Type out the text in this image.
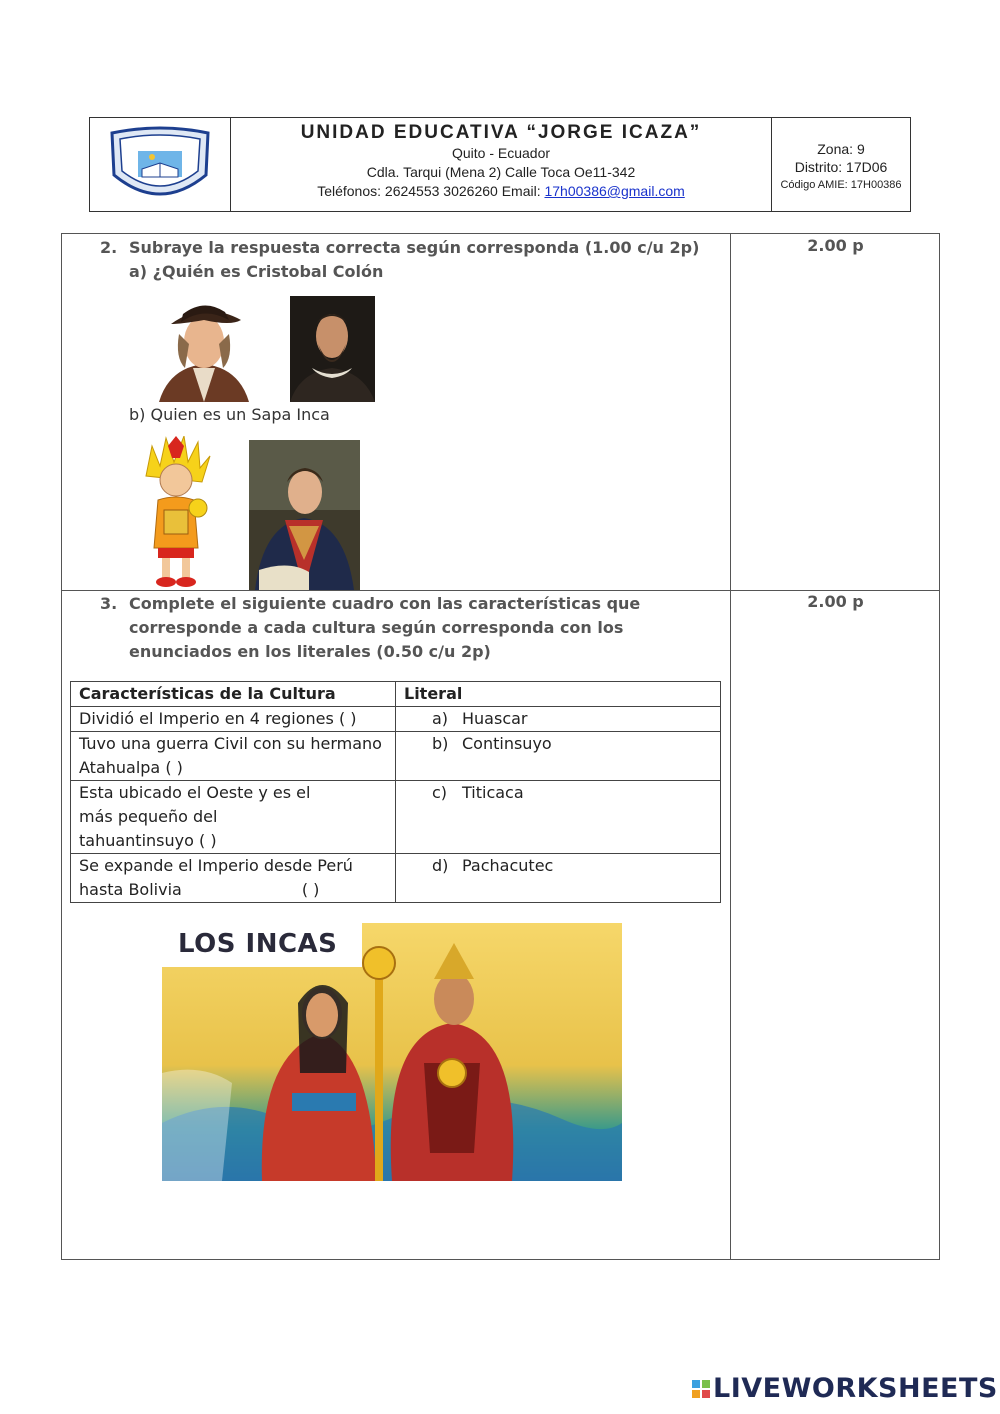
UNIDAD EDUCATIVA “JORGE ICAZA”
Quito - Ecuador
Cdla. Tarqui (Mena 2) Calle Toca Oe11-342
Teléfonos: 2624553 3026260 Email: 17h00386@gmail.com
Zona: 9
Distrito: 17D06
Código AMIE: 17H00386
2. Subraye la respuesta correcta según corresponda (1.00 c/u 2p)	2.00 p
a) ¿Quién es Cristobal Colón
b) Quien es un Sapa Inca
3. Complete el siguiente cuadro con las características que corresponde a cada cultura según corresponda con los enunciados en los literales (0.50 c/u 2p)
2.00 p
Características de la Cultura	Literal
Dividió el Imperio en 4 regiones ( )	a) Huascar
Tuvo una guerra Civil con su hermano Atahualpa ( )	b) Continsuyo
Esta ubicado el Oeste y es el más pequeño del tahuantinsuyo ( )	c) Titicaca
Se expande el Imperio desde Perú hasta Bolivia ( )	d) Pachacutec
LOS INCAS
LIVEWORKSHEETS
